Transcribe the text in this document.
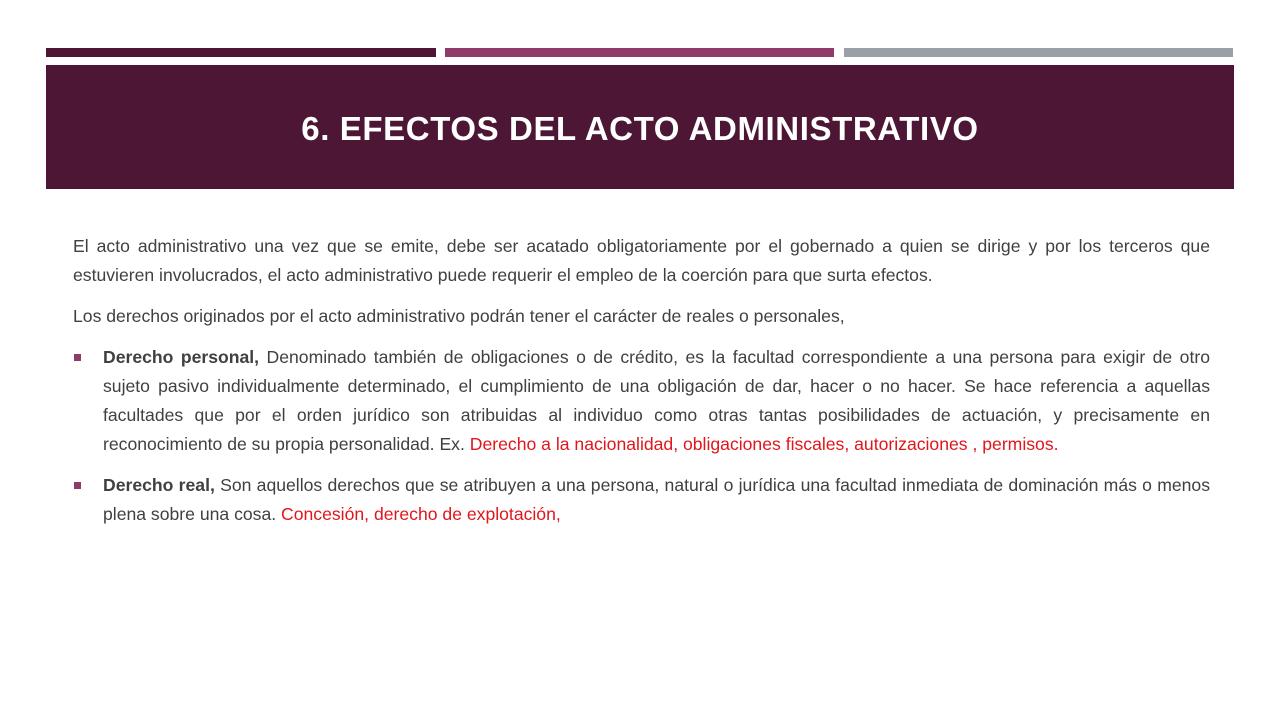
6. EFECTOS DEL ACTO ADMINISTRATIVO

El acto administrativo una vez que se emite, debe ser acatado obligatoriamente por el gobernado a quien se dirige y por los terceros que estuvieren involucrados, el acto administrativo puede requerir el empleo de la coerción para que surta efectos.

Los derechos originados por el acto administrativo podrán tener el carácter de reales o personales,

Derecho personal, Denominado también de obligaciones o de crédito, es la facultad correspondiente a una persona para exigir de otro sujeto pasivo individualmente determinado, el cumplimiento de una obligación de dar, hacer o no hacer. Se hace referencia a aquellas facultades que por el orden jurídico son atribuidas al individuo como otras tantas posibilidades de actuación, y precisamente en reconocimiento de su propia personalidad. Ex. Derecho a la nacionalidad, obligaciones fiscales, autorizaciones , permisos.
Derecho real, Son aquellos derechos que se atribuyen a una persona, natural o jurídica una facultad inmediata de dominación más o menos plena sobre una cosa. Concesión, derecho de explotación,
